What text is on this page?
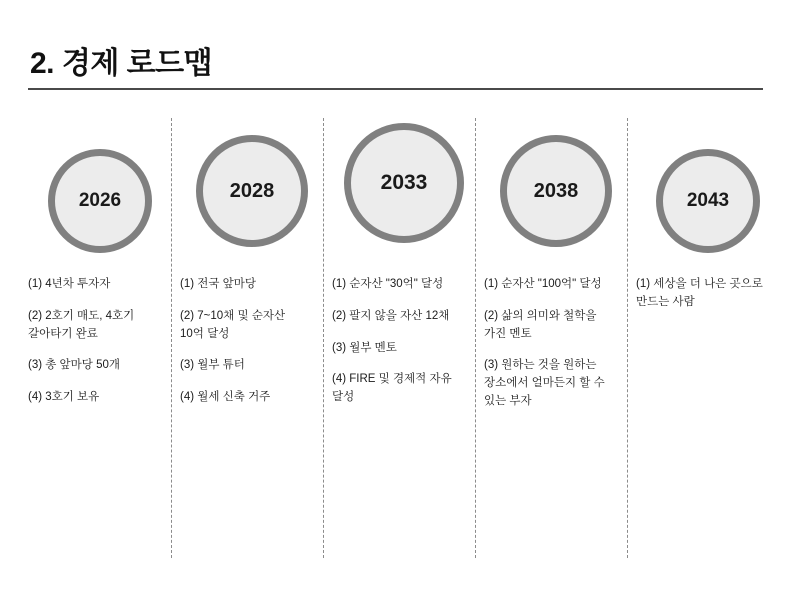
2. 경제 로드맵
2026
(1) 4년차 투자자
(2) 2호기 매도, 4호기 갈아타기 완료
(3) 총 앞마당 50개
(4) 3호기 보유
2028
(1) 전국 앞마당
(2) 7~10채 및 순자산 10억 달성
(3) 월부 튜터
(4) 월세 신축 거주
2033
(1) 순자산 "30억" 달성
(2) 팔지 않을 자산 12채
(3) 월부 멘토
(4) FIRE 및 경제적 자유 달성
2038
(1) 순자산 "100억" 달성
(2) 삶의 의미와 철학을 가진 멘토
(3) 원하는 것을 원하는 장소에서 얼마든지 할 수 있는 부자
2043
(1) 세상을 더 나은 곳으로 만드는 사람
